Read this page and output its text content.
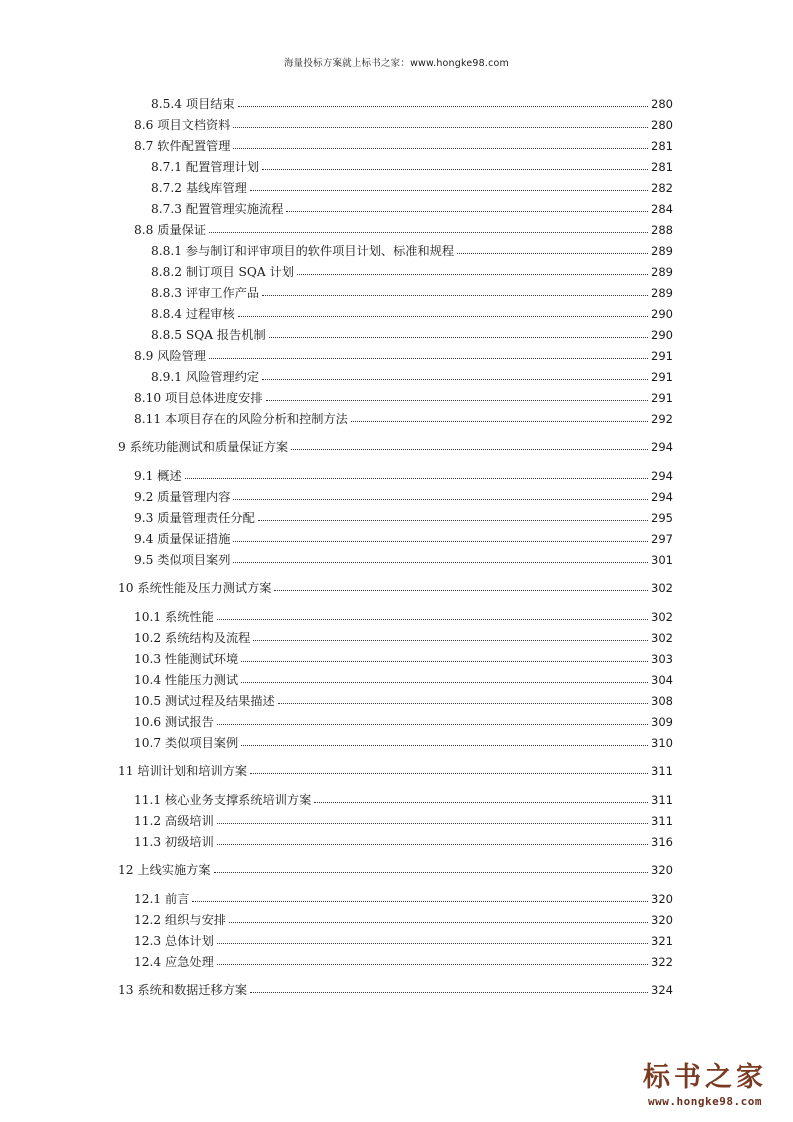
海量投标方案就上标书之家：www.hongke98.com
8.5.4 项目结束	280
8.6 项目文档资料	280
8.7 软件配置管理	281
8.7.1 配置管理计划	281
8.7.2 基线库管理	282
8.7.3 配置管理实施流程	284
8.8 质量保证	288
8.8.1 参与制订和评审项目的软件项目计划、标准和规程	289
8.8.2 制订项目 SQA 计划	289
8.8.3 评审工作产品	289
8.8.4 过程审核	290
8.8.5 SQA 报告机制	290
8.9 风险管理	291
8.9.1 风险管理约定	291
8.10 项目总体进度安排	291
8.11 本项目存在的风险分析和控制方法	292
9 系统功能测试和质量保证方案	294
9.1 概述	294
9.2 质量管理内容	294
9.3 质量管理责任分配	295
9.4 质量保证措施	297
9.5 类似项目案列	301
10 系统性能及压力测试方案	302
10.1 系统性能	302
10.2 系统结构及流程	302
10.3 性能测试环境	303
10.4 性能压力测试	304
10.5 测试过程及结果描述	308
10.6 测试报告	309
10.7 类似项目案例	310
11 培训计划和培训方案	311
11.1 核心业务支撑系统培训方案	311
11.2 高级培训	311
11.3 初级培训	316
12 上线实施方案	320
12.1 前言	320
12.2 组织与安排	320
12.3 总体计划	321
12.4 应急处理	322
13 系统和数据迁移方案	324
标书之家
www.hongke98.com
